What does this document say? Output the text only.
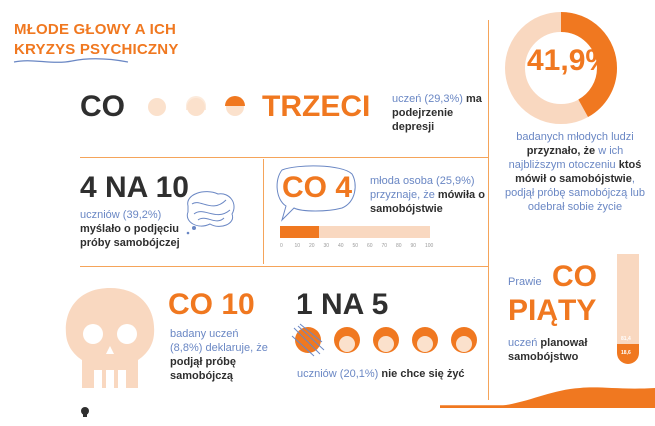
MŁODE GŁOWY A ICH
KRYZYS PSYCHICZNY
CO	TRZECI uczeń (29,3%) ma podejrzenie depresji
4 NA 10
uczniów (39,2%)
myślało o podjęciu próby samobójczej
CO 4 młoda osoba (25,9%) przyznaje, że mówiła o samobójstwie
0 10 20 30 40 50 60 70 80 90 100
CO 10
badany uczeń (8,8%) deklaruje, że podjął próbę samobójczą
1 NA 5
uczniów (20,1%) nie chce się żyć
41,9%
badanych młodych ludzi
przyznało, że w ich najbliższym otoczeniu ktoś mówił o samobójstwie, podjął próbę samobójczą lub odebrał sobie życie
Prawie CO
PIĄTY
uczeń planował samobójstwo
81,4
18,6
